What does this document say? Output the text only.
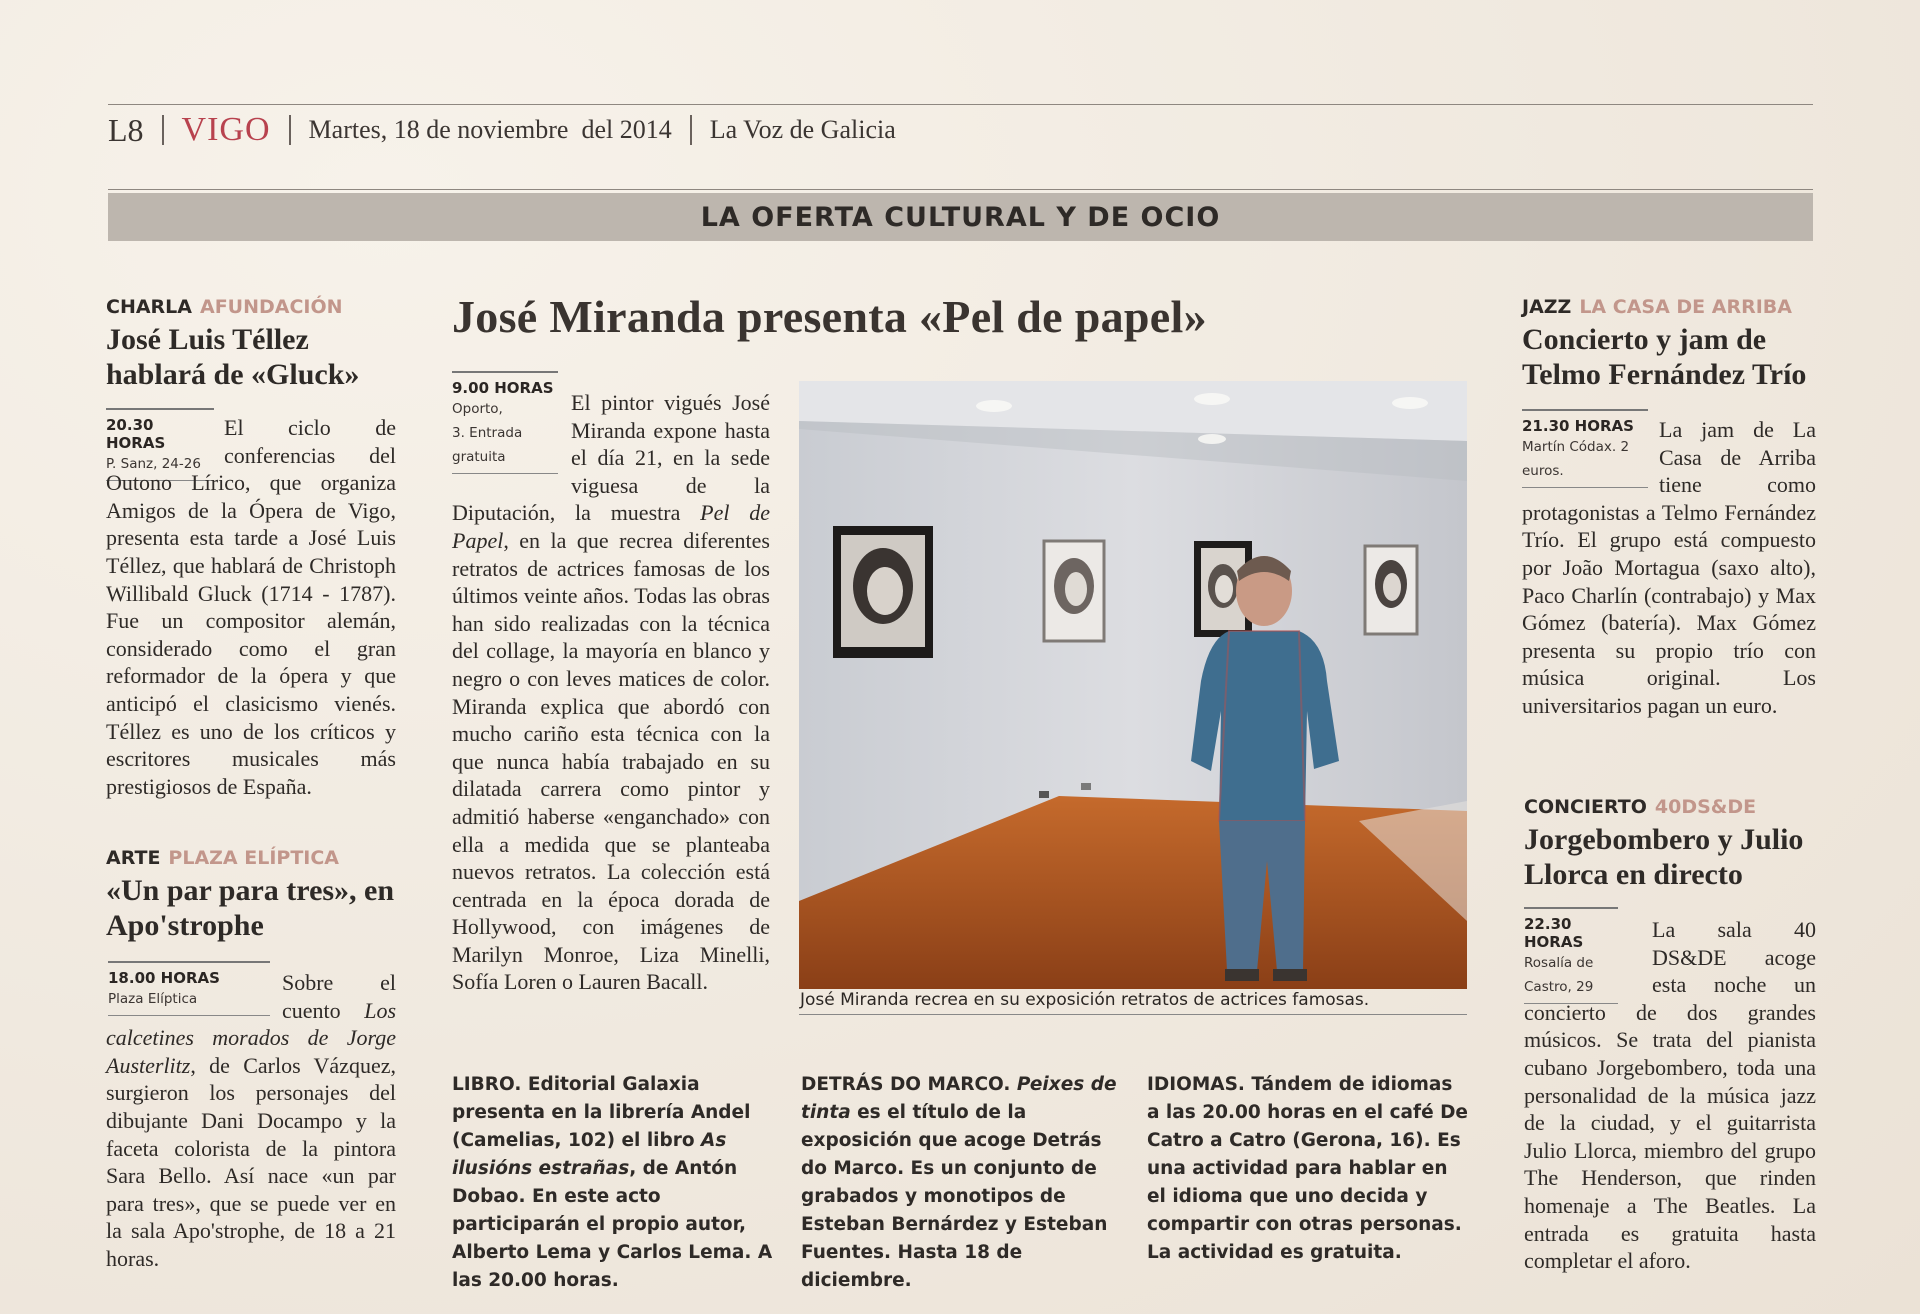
L8 VIGO Martes, 18 de noviembre  del 2014 La Voz de Galicia
LA OFERTA CULTURAL Y DE OCIO
CHARLA AFUNDACIÓN
José Luis Téllez hablará de «Gluck»
20.30 HORAS
P. Sanz, 24-26
El ciclo de conferencias del Outono Lírico, que organiza Amigos de la Ópera de Vigo, presenta esta tarde a José Luis Téllez, que hablará de Christoph Willibald Gluck (1714 - 1787). Fue un compositor alemán, considerado como el gran reformador de la ópera y que anticipó el clasicismo vienés. Téllez es uno de los críticos y escritores musicales más prestigiosos de España.
ARTE PLAZA ELÍPTICA
«Un par para tres», en Apo'strophe
18.00 HORAS
Plaza Elíptica
Sobre el cuento Los calcetines morados de Jorge Austerlitz, de Carlos Vázquez, surgieron los personajes del dibujante Dani Docampo y la faceta colorista de la pintora Sara Bello. Así nace «un par para tres», que se puede ver en la sala Apo'strophe, de 18 a 21 horas.
José Miranda presenta «Pel de papel»
9.00 HORAS
Oporto,
3. Entrada
gratuita
El pintor vigués José Miranda expone hasta el día 21, en la sede viguesa de la Diputación, la muestra Pel de Papel, en la que recrea diferentes retratos de actrices famosas de los últimos veinte años. Todas las obras han sido realizadas con la técnica del collage, la mayoría en blanco y negro o con leves matices de color. Miranda explica que abordó con mucho cariño esta técnica con la que nunca había trabajado en su dilatada carrera como pintor y admitió haberse «enganchado» con ella a medida que se planteaba nuevos retratos. La colección está centrada en la época dorada de Hollywood, con imágenes de Marilyn Monroe, Liza Minelli, Sofía Loren o Lauren Bacall.
José Miranda recrea en su exposición retratos de actrices famosas.
LIBRO. Editorial Galaxia presenta en la librería Andel (Camelias, 102) el libro As ilusións estrañas, de Antón Dobao. En este acto participarán el propio autor, Alberto Lema y Carlos Lema. A las 20.00 horas.
DETRÁS DO MARCO. Peixes de tinta es el título de la exposición que acoge Detrás do Marco. Es un conjunto de grabados y monotipos de Esteban Bernárdez y Esteban Fuentes. Hasta 18 de diciembre.
IDIOMAS. Tándem de idiomas a las 20.00 horas en el café De Catro a Catro (Gerona, 16). Es una actividad para hablar en el idioma que uno decida y compartir con otras personas. La actividad es gratuita.
JAZZ LA CASA DE ARRIBA
Concierto y jam de Telmo Fernández Trío
21.30 HORAS
Martín Códax. 2
euros.
La jam de La Casa de Arriba tiene como protagonistas a Telmo Fernández Trío. El grupo está compuesto por João Mortagua (saxo alto), Paco Charlín (contrabajo) y Max Gómez (batería). Max Gómez presenta su propio trío con música original. Los universitarios pagan un euro.
CONCIERTO 40DS&DE
Jorgebombero y Julio Llorca en directo
22.30 HORAS
Rosalía de
Castro, 29
La sala 40 DS&DE acoge esta noche un concierto de dos grandes músicos. Se trata del pianista cubano Jorgebombero, toda una personalidad de la música jazz de la ciudad, y el guitarrista Julio Llorca, miembro del grupo The Henderson, que rinden homenaje a The Beatles. La entrada es gratuita hasta completar el aforo.
